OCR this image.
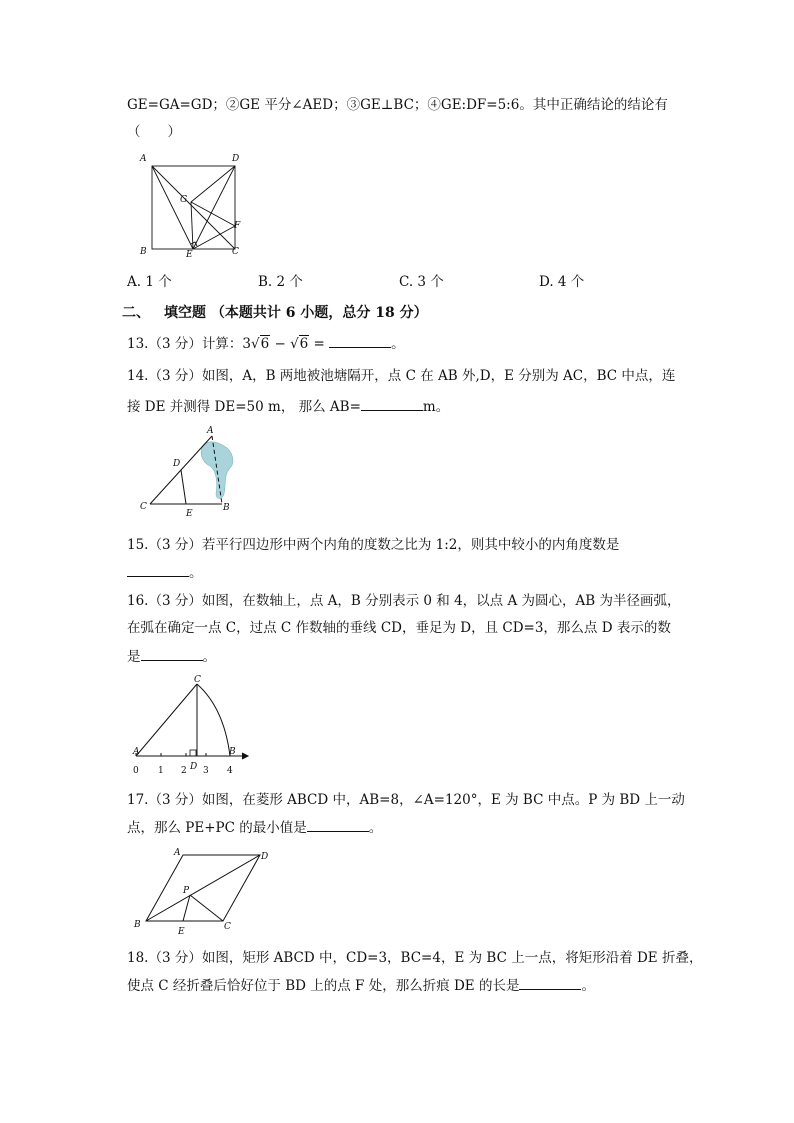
GE=GA=GD；②GE 平分∠AED；③GE⊥BC；④GE:DF=5:6。其中正确结论的结论有
（　　）
A	D
G
F
B	E	C
A. 1 个	B. 2 个	C. 3 个	D. 4 个
二、 填空题 （本题共计 6 小题，总分 18 分）
13.（3 分）计算：3√6 − √6 =	。
14.（3 分）如图，A，B 两地被池塘隔开，点 C 在 AB 外,D，E 分别为 AC，BC 中点，连
接 DE 并测得 DE=50 m， 那么 AB=	m。
A
D
C
E
B
15.（3 分）若平行四边形中两个内角的度数之比为 1:2，则其中较小的内角度数是
。
16.（3 分）如图，在数轴上，点 A，B 分别表示 0 和 4，以点 A 为圆心，AB 为半径画弧，
在弧在确定一点 C，过点 C 作数轴的垂线 CD，垂足为 D，且 CD=3，那么点 D 表示的数
是	。
C
A
D
B
0 1 2 3 4
17.（3 分）如图，在菱形 ABCD 中，AB=8，∠A=120°，E 为 BC 中点。P 为 BD 上一动
点，那么 PE+PC 的最小值是	。
A	D
P
B
E	C
18.（3 分）如图，矩形 ABCD 中，CD=3，BC=4，E 为 BC 上一点，将矩形沿着 DE 折叠，
使点 C 经折叠后恰好位于 BD 上的点 F 处，那么折痕 DE 的长是	。
